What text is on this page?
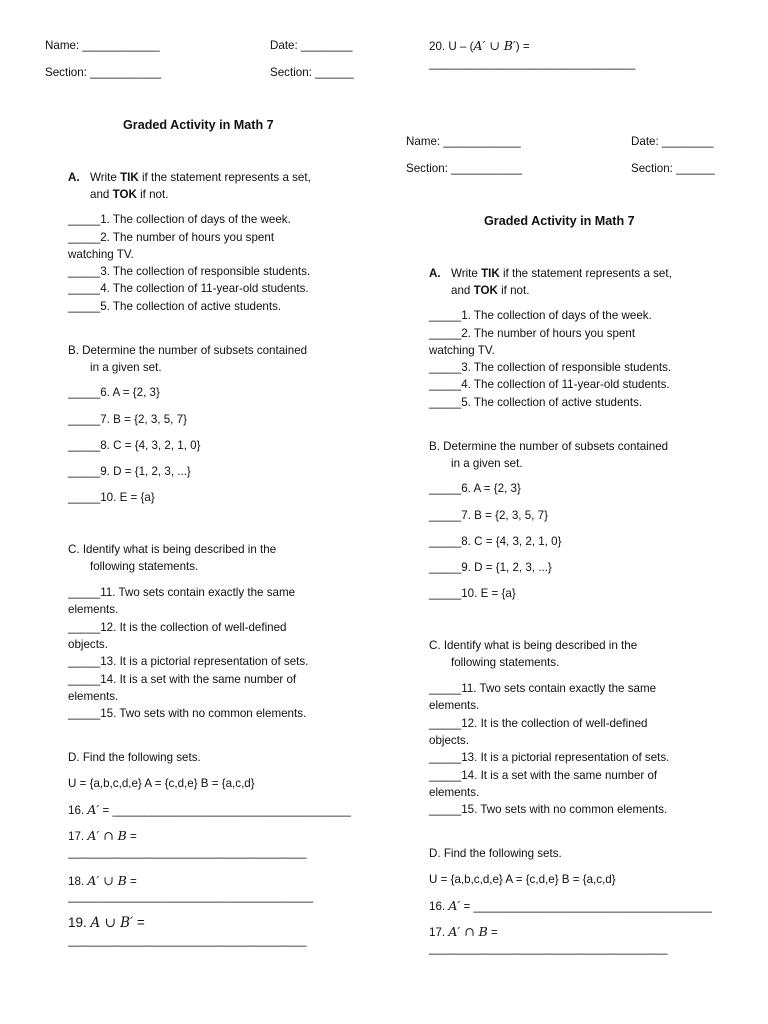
Name: ____________	Date: ________
Section: ___________	Section: ______
Graded Activity in Math 7
A. Write TIK if the statement represents a set,
and TOK if not.
_____1. The collection of days of the week.
_____2. The number of hours you spent
watching TV.
_____3. The collection of responsible students.
_____4. The collection of 11-year-old students.
_____5. The collection of active students.
B. Determine the number of subsets contained
in a given set.
_____6. A = {2, 3}
_____7. B = {2, 3, 5, 7}
_____8. C = {4, 3, 2, 1, 0}
_____9. D = {1, 2, 3, ...}
_____10. E = {a}
C. Identify what is being described in the
following statements.
_____11. Two sets contain exactly the same
elements.
_____12. It is the collection of well-defined
objects.
_____13. It is a pictorial representation of sets.
_____14. It is a set with the same number of
elements.
_____15. Two sets with no common elements.
D. Find the following sets.
U = {a,b,c,d,e} A = {c,d,e} B = {a,c,d}
16. A′ = _____________________________________
17. A′ ∩ B =
_____________________________________
18. A′ ∪ B =
______________________________________
19. A ∪ B′ =
_____________________________________
Name: ____________	Date: ________
Section: ___________	Section: ______
Graded Activity in Math 7
A. Write TIK if the statement represents a set,
and TOK if not.
_____1. The collection of days of the week.
_____2. The number of hours you spent
watching TV.
_____3. The collection of responsible students.
_____4. The collection of 11-year-old students.
_____5. The collection of active students.
B. Determine the number of subsets contained
in a given set.
_____6. A = {2, 3}
_____7. B = {2, 3, 5, 7}
_____8. C = {4, 3, 2, 1, 0}
_____9. D = {1, 2, 3, ...}
_____10. E = {a}
C. Identify what is being described in the
following statements.
_____11. Two sets contain exactly the same
elements.
_____12. It is the collection of well-defined
objects.
_____13. It is a pictorial representation of sets.
_____14. It is a set with the same number of
elements.
_____15. Two sets with no common elements.
D. Find the following sets.
U = {a,b,c,d,e} A = {c,d,e} B = {a,c,d}
16. A′ = _____________________________________
17. A′ ∩ B =
_____________________________________
20. U – (A′ ∪ B′) =
________________________________
